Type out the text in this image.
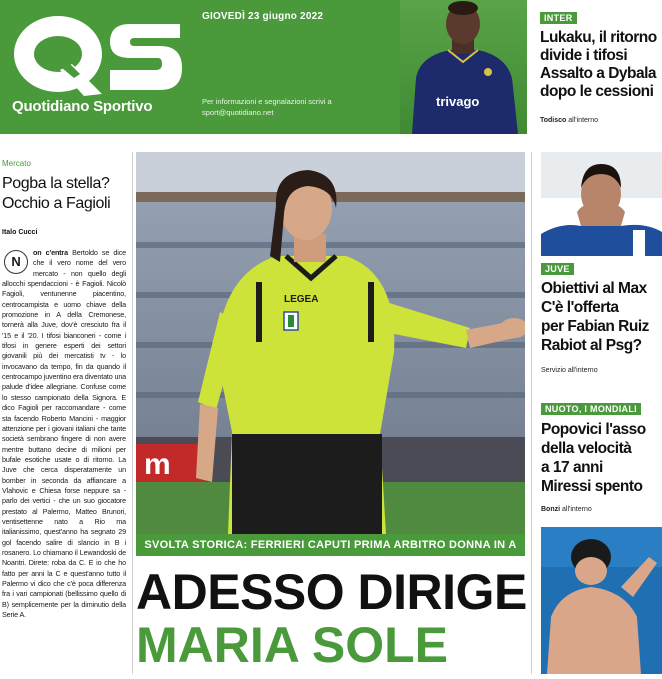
Quotidiano Sportivo
GIOVEDÌ 23 giugno 2022
Per informazioni e segnalazioni scrivi a
sport@quotidiano.net
trivago
INTER
Lukaku, il ritorno
divide i tifosi
Assalto a Dybala
dopo le cessioni
Todisco all'interno
Mercato
Pogba la stella?
Occhio a Fagioli
Italo Cucci
N
on c'entra Bertoldo se dice che il vero nome del vero mercato - non quello degli allocchi spendaccioni - è Fagioli. Nicolò Fagioli, ventunenne piacentino, centrocampista e uomo chiave della promozione in A della Cremonese, tornerà alla Juve, dov'è cresciuto fra il '15 e il '20. I tifosi bianconeri - come i tifosi in genere esperti dei settori giovanili più dei mercatisti tv - lo invocavano da tempo, fin da quando il centrocampo juventino era diventato una palude d'idee allegriane. Confuse come lo stesso campionato della Signora. E dico Fagioli per raccomandare - come sta facendo Roberto Mancini - maggior attenzione per i giovani italiani che tante società sembrano fingere di non avere mentre buttano decine di milioni per bufale esotiche usate o di ritorno. La Juve che cerca disperatamente un bomber in seconda da affiancare a Vlahovic e Chiesa forse neppure sa - parlo dei vertici - che un suo giocatore prestato al Palermo, Matteo Brunori, ventisettenne nato a Rio ma italianissimo, quest'anno ha segnato 29 gol facendo salire di slancio in B i rosanero. Lo chiamano il Lewandoski de Noantri. Direte: roba da C. E io che ho fatto per anni la C e quest'anno tutto il Palermo vi dico che c'è poca differenza fra i vari campionati (bellissimo quello di B) semplicemente per la diminutio della Serie A.
m
LEGEA
SVOLTA STORICA: FERRIERI CAPUTI PRIMA ARBITRO DONNA IN A
ADESSO DIRIGE
MARIA SOLE
JUVE
Obiettivi al Max
C'è l'offerta
per Fabian Ruiz
Rabiot al Psg?
Servizio all'interno
NUOTO, I MONDIALI
Popovici l'asso
della velocità
a 17 anni
Miressi spento
Bonzi all'interno
